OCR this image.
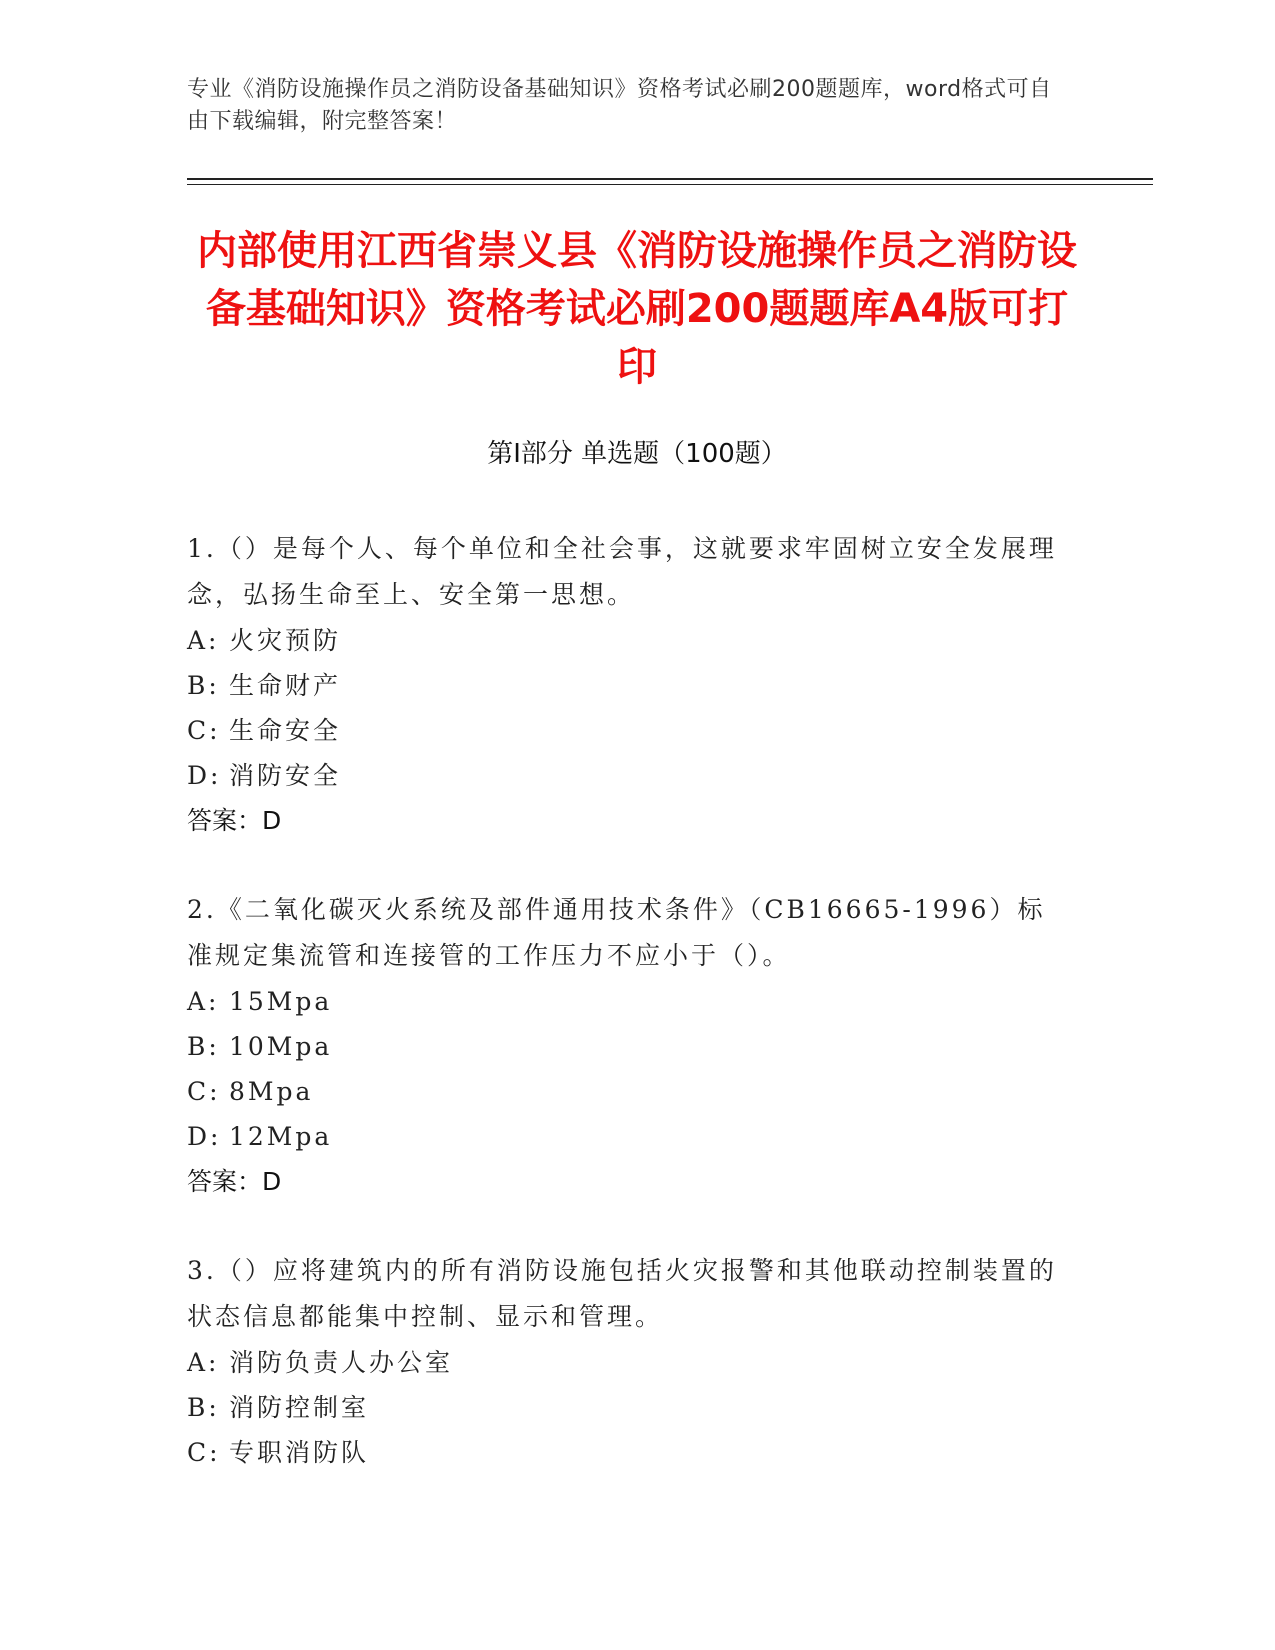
专业《消防设施操作员之消防设备基础知识》资格考试必刷200题题库，word格式可自由下载编辑，附完整答案！
内部使用江西省崇义县《消防设施操作员之消防设备基础知识》资格考试必刷200题题库A4版可打印
第I部分 单选题（100题）

1.（）是每个人、每个单位和全社会事，这就要求牢固树立安全发展理念，弘扬生命至上、安全第一思想。

A: 火灾预防

B: 生命财产

C: 生命安全

D: 消防安全

答案：D

2.《二氧化碳灭火系统及部件通用技术条件》（CB16665-1996）标准规定集流管和连接管的工作压力不应小于（）。

A: 15Mpa

B: 10Mpa

C: 8Mpa

D: 12Mpa

答案：D

3.（）应将建筑内的所有消防设施包括火灾报警和其他联动控制装置的状态信息都能集中控制、显示和管理。

A: 消防负责人办公室

B: 消防控制室

C: 专职消防队
